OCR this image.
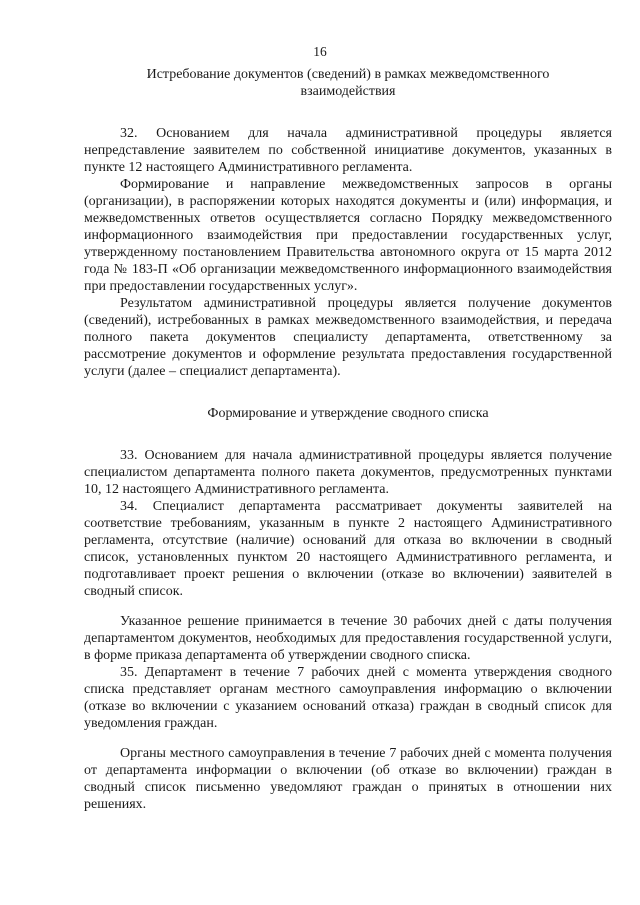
16
Истребование документов (сведений) в рамках межведомственного взаимодействия

32. Основанием для начала административной процедуры является непредставление заявителем по собственной инициативе документов, указанных в пункте 12 настоящего Административного регламента.

Формирование и направление межведомственных запросов в органы (организации), в распоряжении которых находятся документы и (или) информация, и межведомственных ответов осуществляется согласно Порядку межведомственного информационного взаимодействия при предоставлении государственных услуг, утвержденному постановлением Правительства автономного округа от 15 марта 2012 года № 183-П «Об организации межведомственного информационного взаимодействия при предоставлении государственных услуг».

Результатом административной процедуры является получение документов (сведений), истребованных в рамках межведомственного взаимодействия, и передача полного пакета документов специалисту департамента, ответственному за рассмотрение документов и оформление результата предоставления государственной услуги (далее – специалист департамента).

Формирование и утверждение сводного списка

33. Основанием для начала административной процедуры является получение специалистом департамента полного пакета документов, предусмотренных пунктами 10, 12 настоящего Административного регламента.

34. Специалист департамента рассматривает документы заявителей на соответствие требованиям, указанным в пункте 2 настоящего Административного регламента, отсутствие (наличие) оснований для отказа во включении в сводный список, установленных пунктом 20 настоящего Административного регламента, и подготавливает проект решения о включении (отказе во включении) заявителей в сводный список.

Указанное решение принимается в течение 30 рабочих дней с даты получения департаментом документов, необходимых для предоставления государственной услуги, в форме приказа департамента об утверждении сводного списка.

35. Департамент в течение 7 рабочих дней с момента утверждения сводного списка представляет органам местного самоуправления информацию о включении (отказе во включении с указанием оснований отказа) граждан в сводный список для уведомления граждан.

Органы местного самоуправления в течение 7 рабочих дней с момента получения от департамента информации о включении (об отказе во включении) граждан в сводный список письменно уведомляют граждан о принятых в отношении них решениях.
